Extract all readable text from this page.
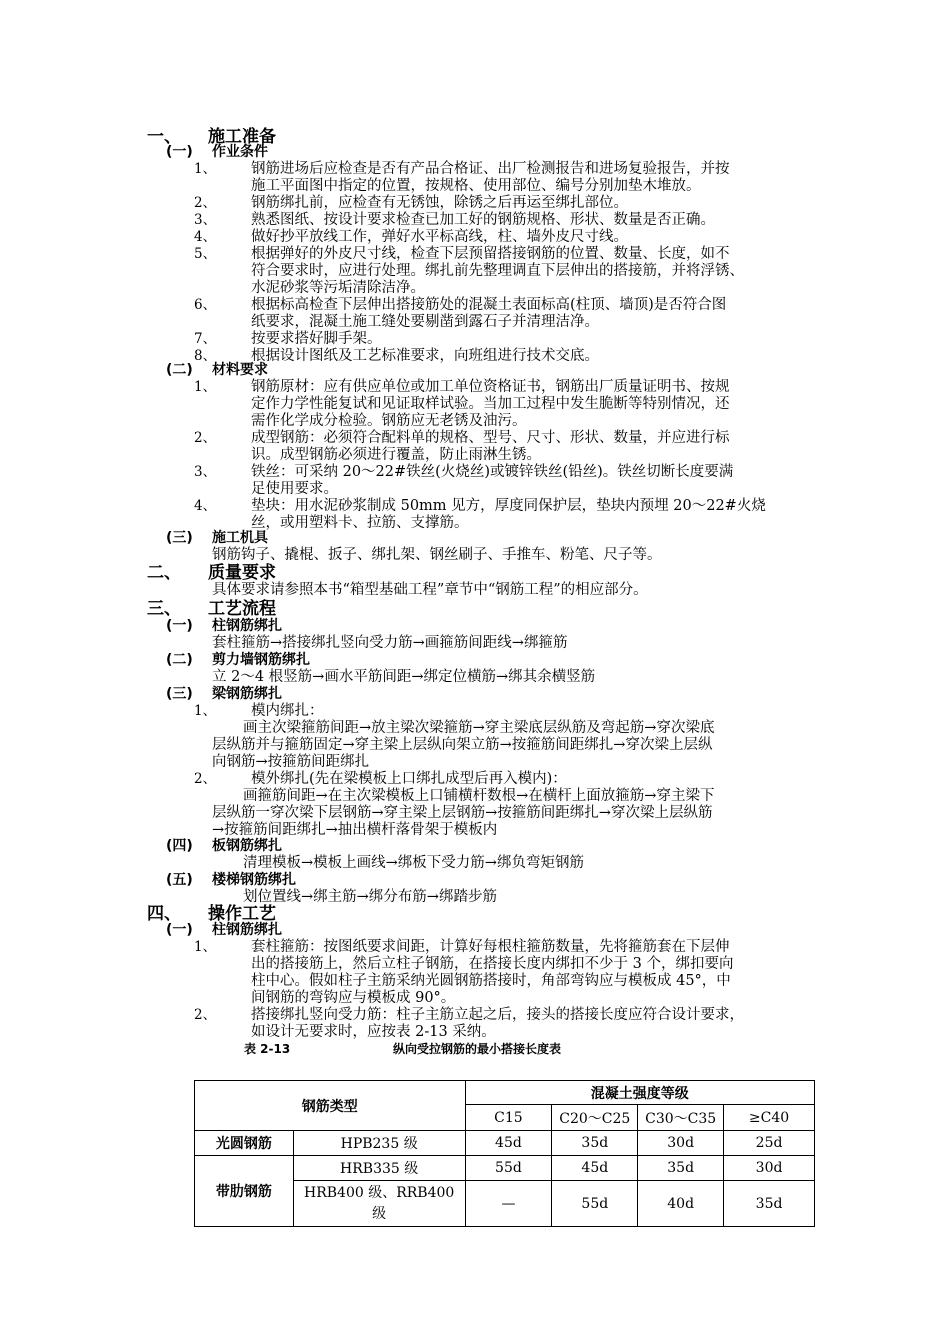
一、 施工准备
(一) 作业条件
1、 钢筋进场后应检查是否有产品合格证、出厂检测报告和进场复验报告，并按
施工平面图中指定的位置，按规格、使用部位、编号分别加垫木堆放。
2、 钢筋绑扎前，应检查有无锈蚀，除锈之后再运至绑扎部位。
3、 熟悉图纸、按设计要求检查已加工好的钢筋规格、形状、数量是否正确。
4、 做好抄平放线工作，弹好水平标高线，柱、墙外皮尺寸线。
5、 根据弹好的外皮尺寸线，检查下层预留搭接钢筋的位置、数量、长度，如不
符合要求时，应进行处理。绑扎前先整理调直下层伸出的搭接筋，并将浮锈、
水泥砂浆等污垢清除洁净。
6、 根据标高检查下层伸出搭接筋处的混凝土表面标高(柱顶、墙顶)是否符合图
纸要求，混凝土施工缝处要剔凿到露石子并清理洁净。
7、 按要求搭好脚手架。
8、 根据设计图纸及工艺标准要求，向班组进行技术交底。
(二) 材料要求
1、 钢筋原材：应有供应单位或加工单位资格证书，钢筋出厂质量证明书、按规
定作力学性能复试和见证取样试验。当加工过程中发生脆断等特别情况，还
需作化学成分检验。钢筋应无老锈及油污。
2、 成型钢筋：必须符合配料单的规格、型号、尺寸、形状、数量，并应进行标
识。成型钢筋必须进行覆盖，防止雨淋生锈。
3、 铁丝：可采纳 20～22#铁丝(火烧丝)或镀锌铁丝(铅丝)。铁丝切断长度要满
足使用要求。
4、 垫块：用水泥砂浆制成 50mm 见方，厚度同保护层，垫块内预埋 20～22#火烧
丝，或用塑料卡、拉筋、支撑筋。
(三) 施工机具
钢筋钩子、撬棍、扳子、绑扎架、钢丝刷子、手推车、粉笔、尺子等。
二、 质量要求
具体要求请参照本书“箱型基础工程”章节中“钢筋工程”的相应部分。
三、 工艺流程
(一) 柱钢筋绑扎
套柱箍筋→搭接绑扎竖向受力筋→画箍筋间距线→绑箍筋
(二) 剪力墙钢筋绑扎
立 2～4 根竖筋→画水平筋间距→绑定位横筋→绑其余横竖筋
(三) 梁钢筋绑扎
1、 模内绑扎：
画主次梁箍筋间距→放主梁次梁箍筋→穿主梁底层纵筋及弯起筋→穿次梁底
层纵筋并与箍筋固定→穿主梁上层纵向架立筋→按箍筋间距绑扎→穿次梁上层纵
向钢筋→按箍筋间距绑扎
2、 模外绑扎(先在梁模板上口绑扎成型后再入模内)：
画箍筋间距→在主次梁模板上口铺横杆数根→在横杆上面放箍筋→穿主梁下
层纵筋一穿次梁下层钢筋→穿主梁上层钢筋→按箍筋间距绑扎→穿次梁上层纵筋
→按箍筋间距绑扎→抽出横杆落骨架于模板内
(四) 板钢筋绑扎
清理模板→模板上画线→绑板下受力筋→绑负弯矩钢筋
(五) 楼梯钢筋绑扎
划位置线→绑主筋→绑分布筋→绑踏步筋
四、 操作工艺
(一) 柱钢筋绑扎
1、 套柱箍筋：按图纸要求间距，计算好每根柱箍筋数量，先将箍筋套在下层伸
出的搭接筋上，然后立柱子钢筋，在搭接长度内绑扣不少于 3 个，绑扣要向
柱中心。假如柱子主筋采纳光圆钢筋搭接时，角部弯钩应与模板成 45°，中
间钢筋的弯钩应与模板成 90°。
2、 搭接绑扎竖向受力筋：柱子主筋立起之后，接头的搭接长度应符合设计要求，
如设计无要求时，应按表 2-13 采纳。
表 2-13	纵向受拉钢筋的最小搭接长度表
钢筋类型		混凝土强度等级			
		C15	C20～C25	C30～C35	≥C40
光圆钢筋	HPB235 级	45d	35d	30d	25d
带肋钢筋	HRB335 级	55d	45d	35d	30d
	HRB400 级、RRB400
级	—	55d	40d	35d
